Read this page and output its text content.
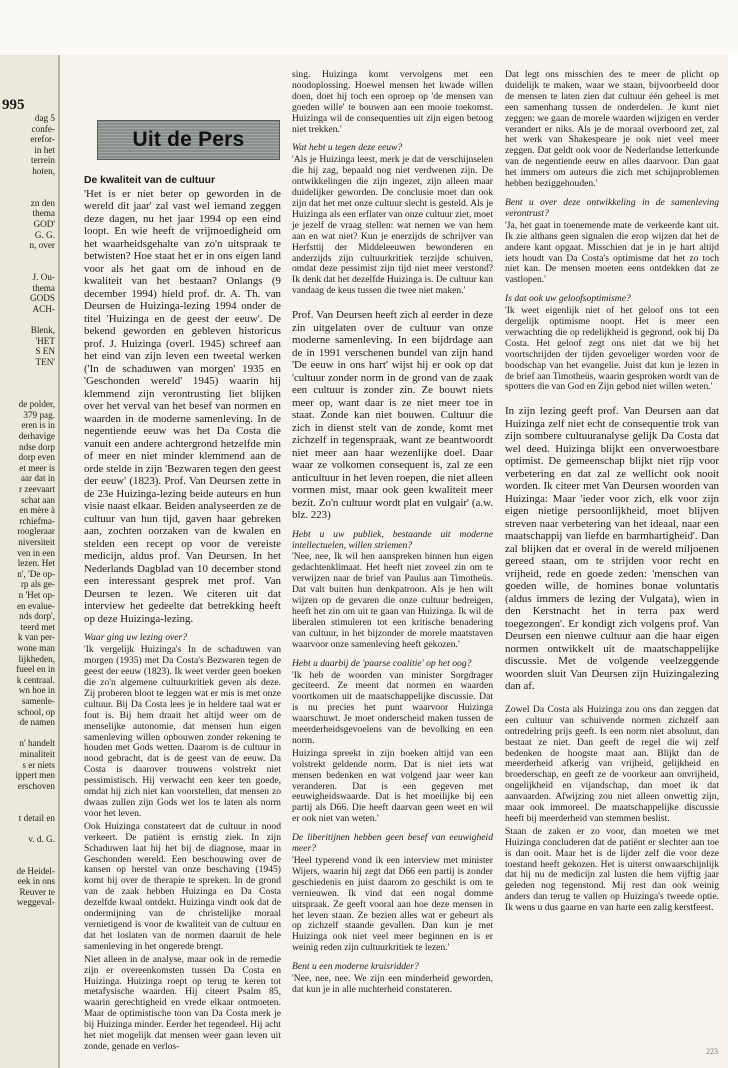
995
dag 5
confe-
erefor-
in het
terrein
hoten,
zn den
thema
GOD'
G. G.
n, over
J. Ou-
thema
GODS
ACH-
Blenk,
'HET
S EN
TEN'
de polder,
379 pag.
eren is in
derhavige
ndse dorp
dorp even
et meer is
aar dat in
r zeevaart
schat aan
en mère à
rchiefma-
roogleraar
niversiteit
ven in een
lezen. Het
n', 'De op-
rp als ge-
n 'Het op-
en evalue-
nds dorp',
teerd met
k van per-
wone man
lijkheden,
fueel en in
k centraal.
wn hoe in
samenle-
school, op
de namen
n' handelt
minaliteit
s er niets
ippert men
erschoven
t detail en
v. d. G.
de Heidel-
eek in ons
Reuver te
weggeval-
Uit de Pers
De kwaliteit van de cultuur

'Het is er niet beter op geworden in de wereld dit jaar' zal vast wel iemand zeggen deze dagen, nu het jaar 1994 op een eind loopt. En wie heeft de vrijmoedigheid om het waarheidsgehalte van zo'n uitspraak te betwisten? Hoe staat het er in ons eigen land voor als het gaat om de inhoud en de kwaliteit van het bestaan? Onlangs (9 december 1994) hield prof. dr. A. Th. van Deursen de Huizinga-lezing 1994 onder de titel 'Huizinga en de geest der eeuw'. De bekend geworden en gebleven historicus prof. J. Huizinga (overl. 1945) schreef aan het eind van zijn leven een tweetal werken ('In de schaduwen van morgen' 1935 en 'Geschonden wereld' 1945) waarin hij klemmend zijn verontrusting liet blijken over het verval van het besef van normen en waarden in de moderne samenleving. In de negentiende eeuw was het Da Costa die vanuit een andere achtergrond hetzelfde min of meer en niet minder klemmend aan de orde stelde in zijn 'Bezwaren tegen den geest der eeuw' (1823). Prof. Van Deursen zette in de 23e Huizinga-lezing beide auteurs en hun visie naast elkaar. Beiden analyseerden ze de cultuur van hun tijd, gaven haar gebreken aan, zochten oorzaken van de kwalen en stelden een recept op voor de vereiste medicijn, aldus prof. Van Deursen. In het Nederlands Dagblad van 10 december stond een interessant gesprek met prof. Van Deursen te lezen. We citeren uit dat interview het gedeelte dat betrekking heeft op deze Huizinga-lezing.

Waar ging uw lezing over?

'Ik vergelijk Huizinga's In de schaduwen van morgen (1935) met Da Costa's Bezwaren tegen de geest der eeuw (1823). Ik weet verder geen boeken die zo'n algemene cultuurkritiek geven als deze. Zij proberen bloot te leggen wat er mis is met onze cultuur. Bij Da Costa lees je in heldere taal wat er fout is. Bij hem draait het altijd weer om de menselijke autonomie, dat mensen hun eigen samenleving willen opbouwen zonder rekening te houden met Gods wetten. Daarom is de cultuur in nood gebracht, dat is de geest van de eeuw. Da Costa is daarover trouwens volstrekt niet pessimistisch. Hij verwacht een keer ten goede, omdat hij zich niet kan voorstellen, dat mensen zo dwaas zullen zijn Gods wet los te laten als norm voor het leven.

Ook Huizinga constateert dat de cultuur in nood verkeert. De patiënt is ernstig ziek. In zijn Schaduwen laat hij het bij de diagnose, maar in Geschonden wereld. Een beschouwing over de kansen op herstel van onze beschaving (1945) komt hij over de therapie te spreken. In de grond van de zaak hebben Huizinga en Da Costa dezelfde kwaal ontdekt. Huizinga vindt ook dat de ondermijning van de christelijke moraal vernietigend is voor de kwaliteit van de cultuur en dat het loslaten van de normen daaruit de hele samenleving in het ongerede brengt.

Niet alleen in de analyse, maar ook in de remedie zijn er overeenkomsten tussen Da Costa en Huizinga. Huizinga roept op terug te keren tot metafysische waarden. Hij citeert Psalm 85, waarin gerechtigheid en vrede elkaar ontmoeten. Maar de optimistische toon van Da Costa merk je bij Huizinga minder. Eerder het tegendeel. Hij acht het niet mogelijk dat mensen weer gaan leven uit zonde, genade en verlos-

sing. Huizinga komt vervolgens met een noodoplossing. Hoewel mensen het kwade willen doen, doet hij toch een oproep op 'de mensen van goeden wille' te bouwen aan een mooie toekomst. Huizinga wil de consequenties uit zijn eigen betoog niet trekken.'

Wat hebt u tegen deze eeuw?

'Als je Huizinga leest, merk je dat de verschijnselen die hij zag, bepaald nog niet verdwenen zijn. De ontwikkelingen die zijn ingezet, zijn alleen maar duidelijker geworden. De conclusie moet dan ook zijn dat het met onze cultuur slecht is gesteld. Als je Huizinga als een erflater van onze cultuur ziet, moet je jezelf de vraag stellen: wat nemen we van hem aan en wat niet? Kun je enerzijds de schrijver van Herfsttij der Middeleeuwen bewonderen en anderzijds zijn cultuurkritiek terzijde schuiven, omdat deze pessimist zijn tijd niet meer verstond? Ik denk dat het dezelfde Huizinga is. De cultuur kan vandaag de keus tussen die twee niet maken.'

Prof. Van Deursen heeft zich al eerder in deze zin uitgelaten over de cultuur van onze moderne samenleving. In een bijdrdage aan de in 1991 verschenen bundel van zijn hand 'De eeuw in ons hart' wijst hij er ook op dat 'cultuur zonder norm in de grond van de zaak een cultuur is zonder zin. Ze bouwt niets meer op, want daar is ze niet meer toe in staat. Zonde kan niet bouwen. Cultuur die zich in dienst stelt van de zonde, komt met zichzelf in tegenspraak, want ze beantwoordt niet meer aan haar wezenlijke doel. Daar waar ze volkomen consequent is, zal ze een anticultuur in het leven roepen, die niet alleen vormen mist, maar ook geen kwaliteit meer bezit. Zo'n cultuur wordt plat en vulgair' (a.w. blz. 223)

Hebt u uw publiek, bestaande uit moderne intellectuelen, willen striemen?

'Nee, nee, Ik wil hen aanspreken binnen hun eigen gedachtenklimaat. Het heeft niet zoveel zin om te verwijzen naar de brief van Paulus aan Timotheüs. Dat valt buiten hun denkpatroon. Als je hen wilt wijzen op de gevaren die onze cultuur bedreigen, heeft het zin om uit te gaan van Huizinga. Ik wil de liberalen stimuleren tot een kritische benadering van cultuur, in het bijzonder de morele maatstaven waarvoor onze samenleving heeft gekozen.'

Hebt u daarbij de 'paarse coalitie' op het oog?

'Ik heb de woorden van minister Sorgdrager geciteerd. Ze meent dat normen en waarden voortkomen uit de maatschappelijke discussie. Dat is nu precies het punt waarvoor Huizinga waarschuwt. Je moet onderscheid maken tussen de meerderheidsgevoelens van de bevolking en een norm.

Huizinga spreekt in zijn boeken altijd van een volstrekt geldende norm. Dat is niet iets wat mensen bedenken en wat volgend jaar weer kan veranderen. Dat is een gegeven met eeuwigheidswaarde. Dat is het moeilijke bij een partij als D66. Die heeft daarvan geen weet en wil er ook niet van weten.'

De liberitijnen hebben geen besef van eeuwigheid meer?

'Heel typerend vond ik een interview met minister Wijers, waarin hij zegt dat D66 een partij is zonder geschiedenis en juist daarom zo geschikt is om te vernieuwen. Ik vind dat een nogal domme uitspraak. Ze geeft vooral aan hoe deze mensen in het leven staan. Ze bezien alles wat er gebeurt als op zichzelf staande gevallen. Dan kun je met Huizinga ook niet veel meer beginnen en is er weinig reden zijn cultuurkritiek te lezen.'

Bent u een moderne kruisridder?

'Nee, nee, nee. We zijn een minderheid geworden, dat kun je in alle nuchterheid constateren.

Dat legt ons misschien des te meer de plicht op duidelijk te maken, waar we staan, bijvoorbeeld door de mensen te laten zien dat cultuur één geheel is met een samenhang tussen de onderdelen. Je kunt niet zeggen: we gaan de morele waarden wijzigen en verder verandert er niks. Als je de moraal overboord zet, zal het werk van Shakespeare je ook niet veel meer zeggen. Dat geldt ook voor de Nederlandse letterkunde van de negentiende eeuw en alles daarvoor. Dan gaat het immers om auteurs die zich met schijnproblemen hebben beziggehouden.'

Bent u over deze ontwikkeling in de samenleving verontrust?

'Ja, het gaat in toenemende mate de verkeerde kant uit. Ik zie althans geen signalen die erop wijzen dat het de andere kant opgaat. Misschien dat je in je hart altijd iets houdt van Da Costa's optimisme dat het zo toch niet kan. De mensen moeten eens ontdekken dat ze vastlopen.'

Is dat ook uw geloofsoptimisme?

'Ik weet eigenlijk niet of het geloof ons tot een dergelijk optimisme noopt. Het is meer een verwachting die op redelijkheid is gegrond, ook bij Da Costa. Het geloof zegt ons niet dat we bij het voortschrijden der tijden gevoeliger worden voor de boodschap van het evangelie. Juist dat kun je lezen in de brief aan Timotheüs, waarin gesproken wordt van de spotters die van God en Zijn gebod niet willen weten.'

In zijn lezing geeft prof. Van Deursen aan dat Huizinga zelf niet echt de consequentie trok van zijn sombere cultuuranalyse gelijk Da Costa dat wel deed. Huizinga blijkt een onverwoestbare optimist. De gemeenschap blijkt niet rijp voor verbetering en dat zal ze wellicht ook nooit worden. Ik citeer met Van Deursen woorden van Huizinga: Maar 'ieder voor zich, elk voor zijn eigen nietige persoonlijkheid, moet blijven streven naar verbetering van het ideaal, naar een maatschappij van liefde en barmhartigheid'. Dan zal blijken dat er overal in de wereld miljoenen gereed staan, om te strijden voor recht en vrijheid, rede en goede zeden: 'menschen van goeden wille, de homines bonae voluntatis (aldus immers de lezing der Vulgata), wien in den Kerstnacht het in terra pax werd toegezongen'. Er kondigt zich volgens prof. Van Deursen een nieuwe cultuur aan die haar eigen normen ontwikkelt uit de maatschappelijke discussie. Met de volgende veelzeggende woorden sluit Van Deursen zijn Huizingalezing dan af.

Zowel Da Costa als Huizinga zou ons dan zeggen dat een cultuur van schuivende normen zichzelf aan ontredelring prijs geeft. Is een norm niet absoluut, dan bestaat ze niet. Dan geeft de regel die wij zelf bedenken de hoogste maat aan. Blijkt dan de meerderheid afkerig van vrijheid, gelijkheid en broederschap, en geeft ze de voorkeur aan onvrijheid, ongelijkheid en vijandschap, dan moet ik dat aanvaarden. Afwijzing zou niet alleen onwettig zijn, maar ook immoreel. De maatschappelijke discussie heeft bij meerderheid van stemmen beslist.

Staan de zaken er zo voor, dan moeten we met Huizinga concluderen dat de patiënt er slechter aan toe is dan ooit. Maar het is de lijder zelf die voor deze toestand heeft gekozen. Het is uiterst onwaarschijnlijk dat hij nu de medicijn zal lusten die hem vijftig jaar geleden nog tegenstond. Mij rest dan ook weinig anders dan terug te vallen op Huizinga's tweede optie. Ik wens u dus gaarne en van harte een zalig kerstfeest.

223
